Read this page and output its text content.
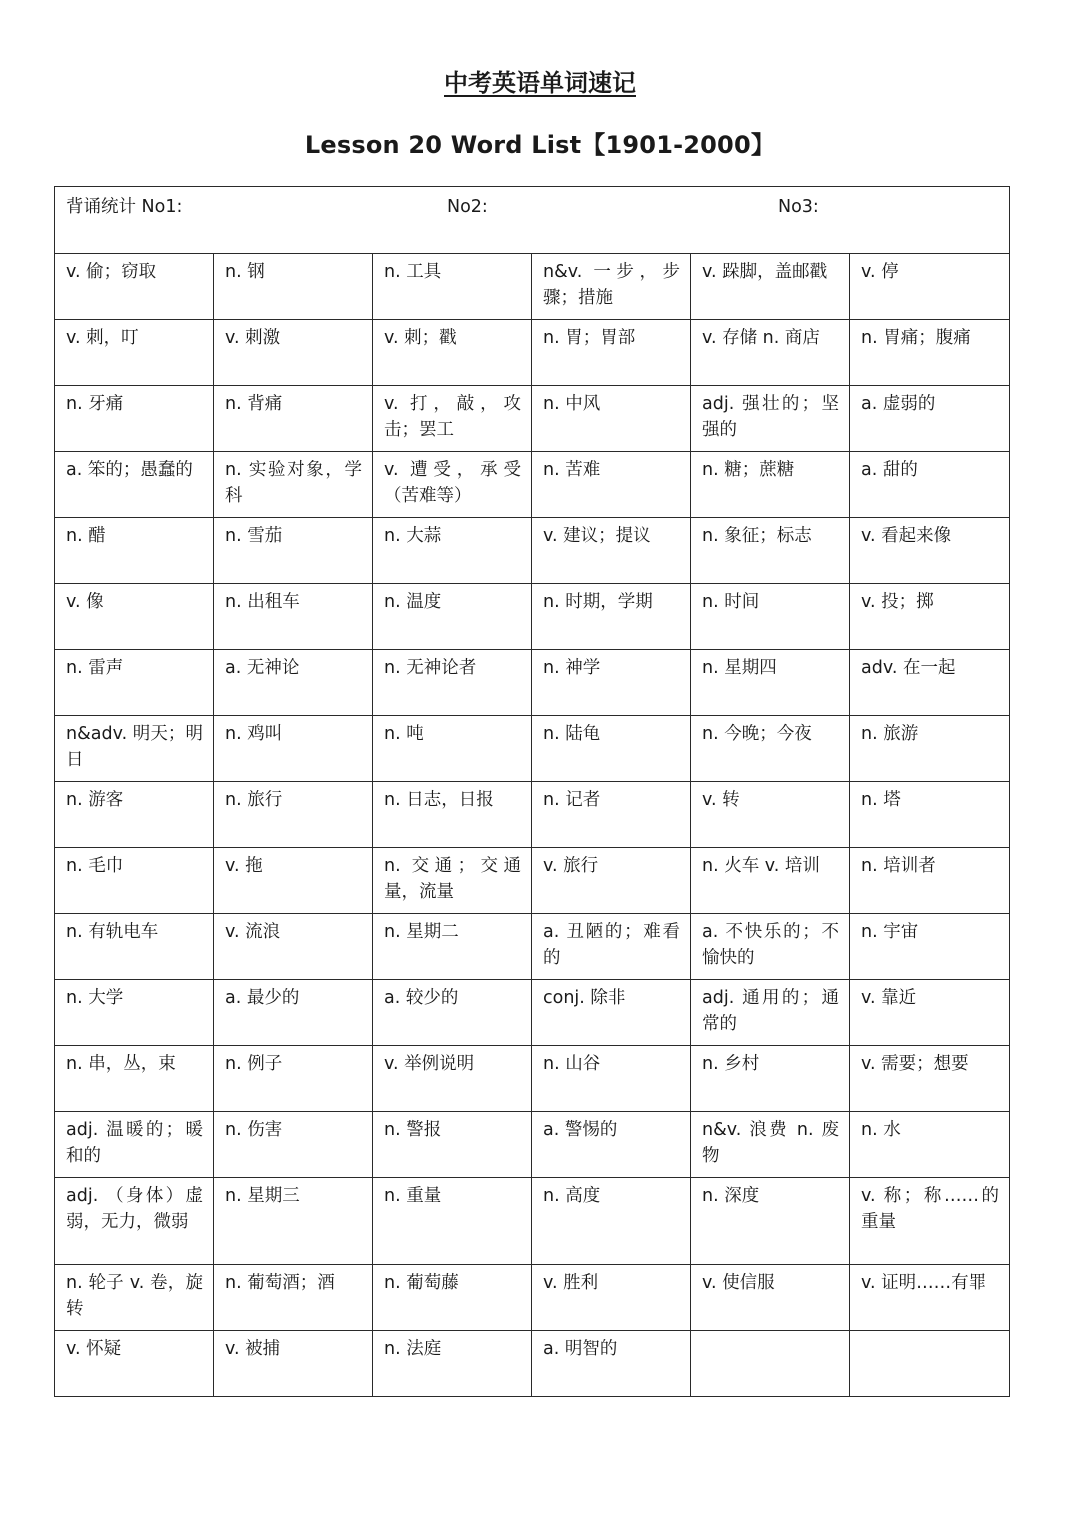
中考英语单词速记
Lesson 20 Word List【1901-2000】
背诵统计 No1: No2: No3:					

v. 偷；窃取	n. 钢	n. 工具	n&v. 一步，步骤；措施	v. 跺脚，盖邮戳	v. 停
v. 刺，叮	v. 刺激	v. 刺；戳	n. 胃；胃部	v. 存储 n. 商店	n. 胃痛；腹痛
n. 牙痛	n. 背痛	v. 打，敲，攻击；罢工	n. 中风	adj. 强壮的；坚强的	a. 虚弱的
a. 笨的；愚蠢的	n. 实验对象，学科	v. 遭受，承受（苦难等）	n. 苦难	n. 糖；蔗糖	a. 甜的
n. 醋	n. 雪茄	n. 大蒜	v. 建议；提议	n. 象征；标志	v. 看起来像
v. 像	n. 出租车	n. 温度	n. 时期，学期	n. 时间	v. 投；掷
n. 雷声	a. 无神论	n. 无神论者	n. 神学	n. 星期四	adv. 在一起
n&adv. 明天；明日	n. 鸡叫	n. 吨	n. 陆龟	n. 今晚；今夜	n. 旅游
n. 游客	n. 旅行	n. 日志，日报	n. 记者	v. 转	n. 塔
n. 毛巾	v. 拖	n. 交通；交通量，流量	v. 旅行	n. 火车 v. 培训	n. 培训者
n. 有轨电车	v. 流浪	n. 星期二	a. 丑陋的；难看的	a. 不快乐的；不愉快的	n. 宇宙
n. 大学	a. 最少的	a. 较少的	conj. 除非	adj. 通用的；通常的	v. 靠近
n. 串，丛，束	n. 例子	v. 举例说明	n. 山谷	n. 乡村	v. 需要；想要
adj. 温暖的；暖和的	n. 伤害	n. 警报	a. 警惕的	n&v. 浪费 n. 废物	n. 水
adj. （身体）虚弱，无力，微弱	n. 星期三	n. 重量	n. 高度	n. 深度	v. 称；称……的重量
n. 轮子 v. 卷，旋转	n. 葡萄酒；酒	n. 葡萄藤	v. 胜利	v. 使信服	v. 证明……有罪
v. 怀疑	v. 被捕	n. 法庭	a. 明智的		
